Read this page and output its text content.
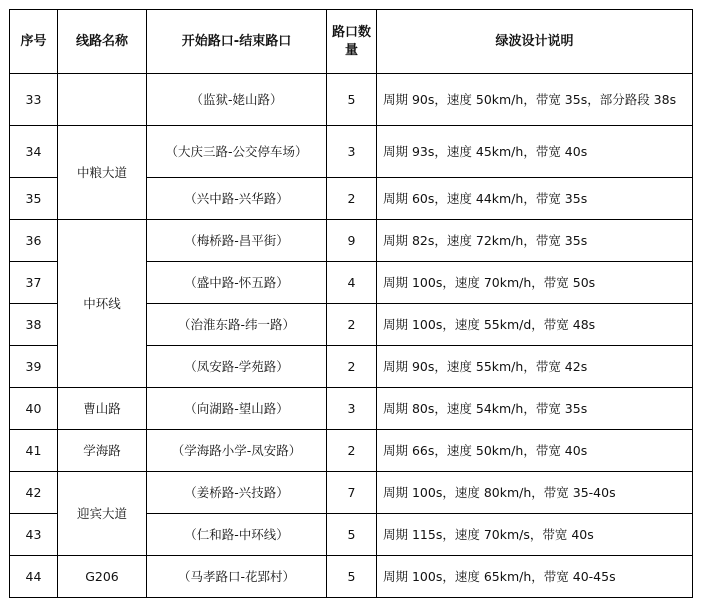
序号	线路名称	开始路口-结束路口	路口数量	绿波设计说明
33		（监狱-姥山路）	5	周期 90s，速度 50km/h，带宽 35s，部分路段 38s
34	中粮大道	（大庆三路-公交停车场）	3	周期 93s，速度 45km/h，带宽 40s
35		（兴中路-兴华路）	2	周期 60s，速度 44km/h，带宽 35s
36	中环线	（梅桥路-昌平街）	9	周期 82s，速度 72km/h，带宽 35s
37		（盛中路-怀五路）	4	周期 100s，速度 70km/h，带宽 50s
38		（治淮东路-纬一路）	2	周期 100s，速度 55km/d，带宽 48s
39		（凤安路-学苑路）	2	周期 90s，速度 55km/h，带宽 42s
40	曹山路	（向湖路-望山路）	3	周期 80s，速度 54km/h，带宽 35s
41	学海路	（学海路小学-凤安路）	2	周期 66s，速度 50km/h，带宽 40s
42	迎宾大道	（姜桥路-兴技路）	7	周期 100s，速度 80km/h，带宽 35-40s
43		（仁和路-中环线）	5	周期 115s，速度 70km/s，带宽 40s
44	G206	（马孝路口-花郢村）	5	周期 100s，速度 65km/h，带宽 40-45s
